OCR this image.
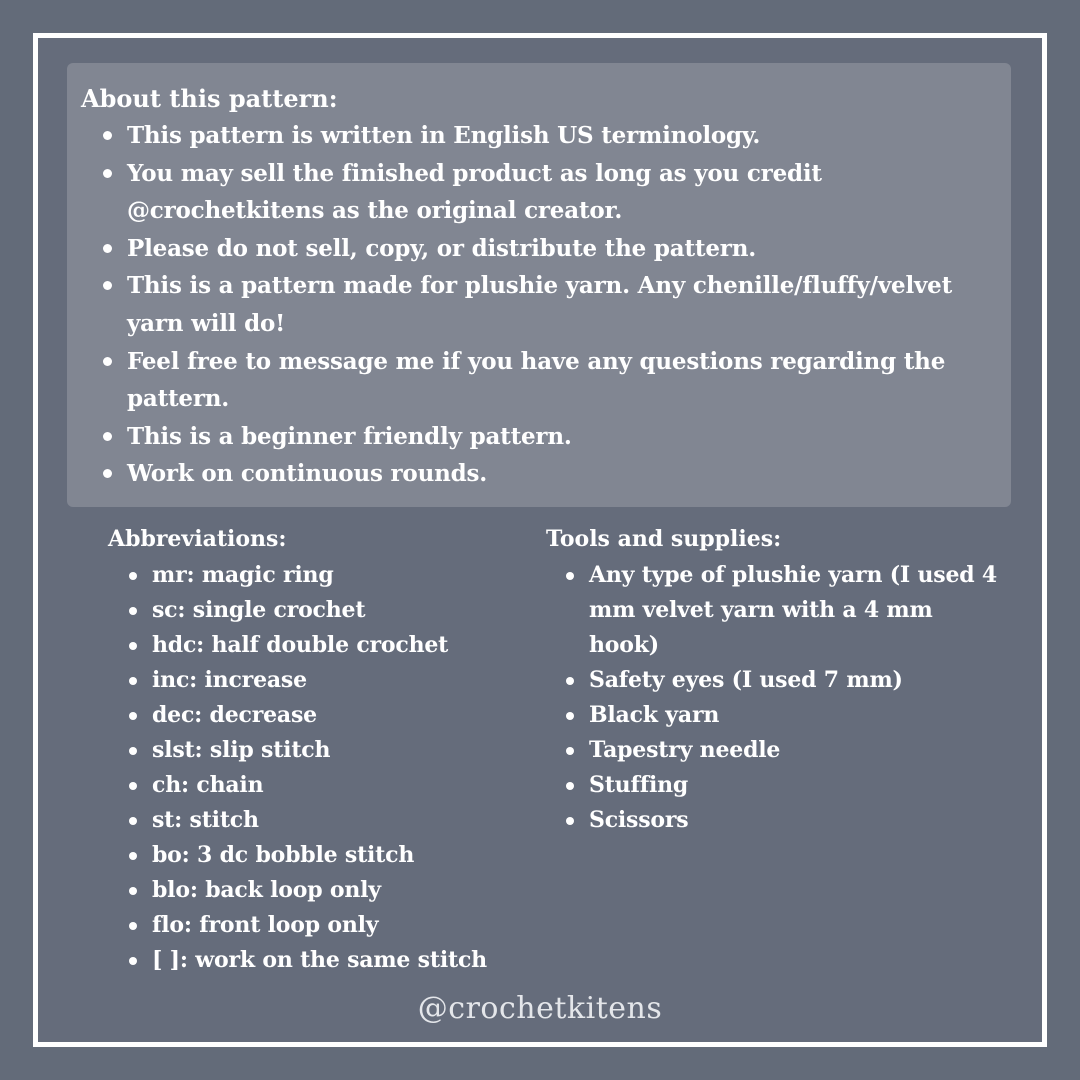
About this pattern:
This pattern is written in English US terminology.
You may sell the finished product as long as you credit @crochetkitens as the original creator.
Please do not sell, copy, or distribute the pattern.
This is a pattern made for plushie yarn. Any chenille/fluffy/velvet yarn will do!
Feel free to message me if you have any questions regarding the pattern.
This is a beginner friendly pattern.
Work on continuous rounds.
Abbreviations:
mr: magic ring
sc: single crochet
hdc: half double crochet
inc: increase
dec: decrease
slst: slip stitch
ch: chain
st: stitch
bo: 3 dc bobble stitch
blo: back loop only
flo: front loop only
[ ]: work on the same stitch
Tools and supplies:
Any type of plushie yarn (I used 4 mm velvet yarn with a 4 mm hook)
Safety eyes (I used 7 mm)
Black yarn
Tapestry needle
Stuffing
Scissors
@crochetkitens
